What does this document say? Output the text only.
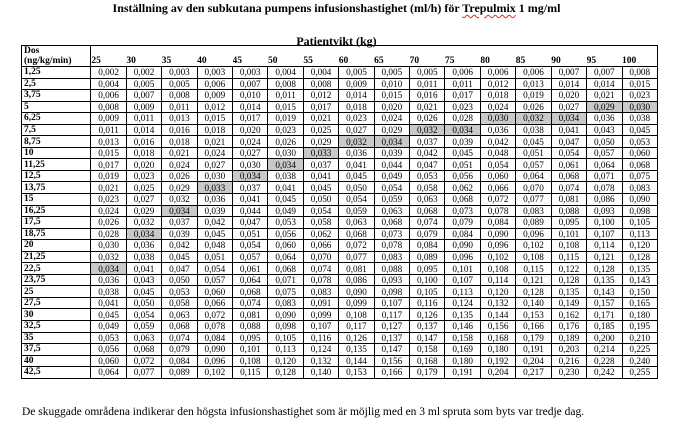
Inställning av den subkutana pumpens infusionshastighet (ml/h) för Trepulmix 1 mg/ml
Patientvikt (kg)
Dos
(ng/kg/min)	25	30	35	40	45	50	55	60	65	70	75	80	85	90	95	100
1,25	0,002	0,002	0,003	0,003	0,003	0,004	0,004	0,005	0,005	0,005	0,006	0,006	0,006	0,007	0,007	0,008
2,5	0,004	0,005	0,005	0,006	0,007	0,008	0,008	0,009	0,010	0,011	0,011	0,012	0,013	0,014	0,014	0,015
3,75	0,006	0,007	0,008	0,009	0,010	0,011	0,012	0,014	0,015	0,016	0,017	0,018	0,019	0,020	0,021	0,023
5	0,008	0,009	0,011	0,012	0,014	0,015	0,017	0,018	0,020	0,021	0,023	0,024	0,026	0,027	0,029	0,030
6,25	0,009	0,011	0,013	0,015	0,017	0,019	0,021	0,023	0,024	0,026	0,028	0,030	0,032	0,034	0,036	0,038
7,5	0,011	0,014	0,016	0,018	0,020	0,023	0,025	0,027	0,029	0,032	0,034	0,036	0,038	0,041	0,043	0,045
8,75	0,013	0,016	0,018	0,021	0,024	0,026	0,029	0,032	0,034	0,037	0,039	0,042	0,045	0,047	0,050	0,053
10	0,015	0,018	0,021	0,024	0,027	0,030	0,033	0,036	0,039	0,042	0,045	0,048	0,051	0,054	0,057	0,060
11,25	0,017	0,020	0,024	0,027	0,030	0,034	0,037	0,041	0,044	0,047	0,051	0,054	0,057	0,061	0,064	0,068
12,5	0,019	0,023	0,026	0,030	0,034	0,038	0,041	0,045	0,049	0,053	0,056	0,060	0,064	0,068	0,071	0,075
13,75	0,021	0,025	0,029	0,033	0,037	0,041	0,045	0,050	0,054	0,058	0,062	0,066	0,070	0,074	0,078	0,083
15	0,023	0,027	0,032	0,036	0,041	0,045	0,050	0,054	0,059	0,063	0,068	0,072	0,077	0,081	0,086	0,090
16,25	0,024	0,029	0,034	0,039	0,044	0,049	0,054	0,059	0,063	0,068	0,073	0,078	0,083	0,088	0,093	0,098
17,5	0,026	0,032	0,037	0,042	0,047	0,053	0,058	0,063	0,068	0,074	0,079	0,084	0,089	0,095	0,100	0,105
18,75	0,028	0,034	0,039	0,045	0,051	0,056	0,062	0,068	0,073	0,079	0,084	0,090	0,096	0,101	0,107	0,113
20	0,030	0,036	0,042	0,048	0,054	0,060	0,066	0,072	0,078	0,084	0,090	0,096	0,102	0,108	0,114	0,120
21,25	0,032	0,038	0,045	0,051	0,057	0,064	0,070	0,077	0,083	0,089	0,096	0,102	0,108	0,115	0,121	0,128
22,5	0,034	0,041	0,047	0,054	0,061	0,068	0,074	0,081	0,088	0,095	0,101	0,108	0,115	0,122	0,128	0,135
23,75	0,036	0,043	0,050	0,057	0,064	0,071	0,078	0,086	0,093	0,100	0,107	0,114	0,121	0,128	0,135	0,143
25	0,038	0,045	0,053	0,060	0,068	0,075	0,083	0,090	0,098	0,105	0,113	0,120	0,128	0,135	0,143	0,150
27,5	0,041	0,050	0,058	0,066	0,074	0,083	0,091	0,099	0,107	0,116	0,124	0,132	0,140	0,149	0,157	0,165
30	0,045	0,054	0,063	0,072	0,081	0,090	0,099	0,108	0,117	0,126	0,135	0,144	0,153	0,162	0,171	0,180
32,5	0,049	0,059	0,068	0,078	0,088	0,098	0,107	0,117	0,127	0,137	0,146	0,156	0,166	0,176	0,185	0,195
35	0,053	0,063	0,074	0,084	0,095	0,105	0,116	0,126	0,137	0,147	0,158	0,168	0,179	0,189	0,200	0,210
37,5	0,056	0,068	0,079	0,090	0,101	0,113	0,124	0,135	0,147	0,158	0,169	0,180	0,191	0,203	0,214	0,225
40	0,060	0,072	0,084	0,096	0,108	0,120	0,132	0,144	0,156	0,168	0,180	0,192	0,204	0,216	0,228	0,240
42,5	0,064	0,077	0,089	0,102	0,115	0,128	0,140	0,153	0,166	0,179	0,191	0,204	0,217	0,230	0,242	0,255
De skuggade områdena indikerar den högsta infusionshastighet som är möjlig med en 3 ml spruta som byts var tredje dag.
